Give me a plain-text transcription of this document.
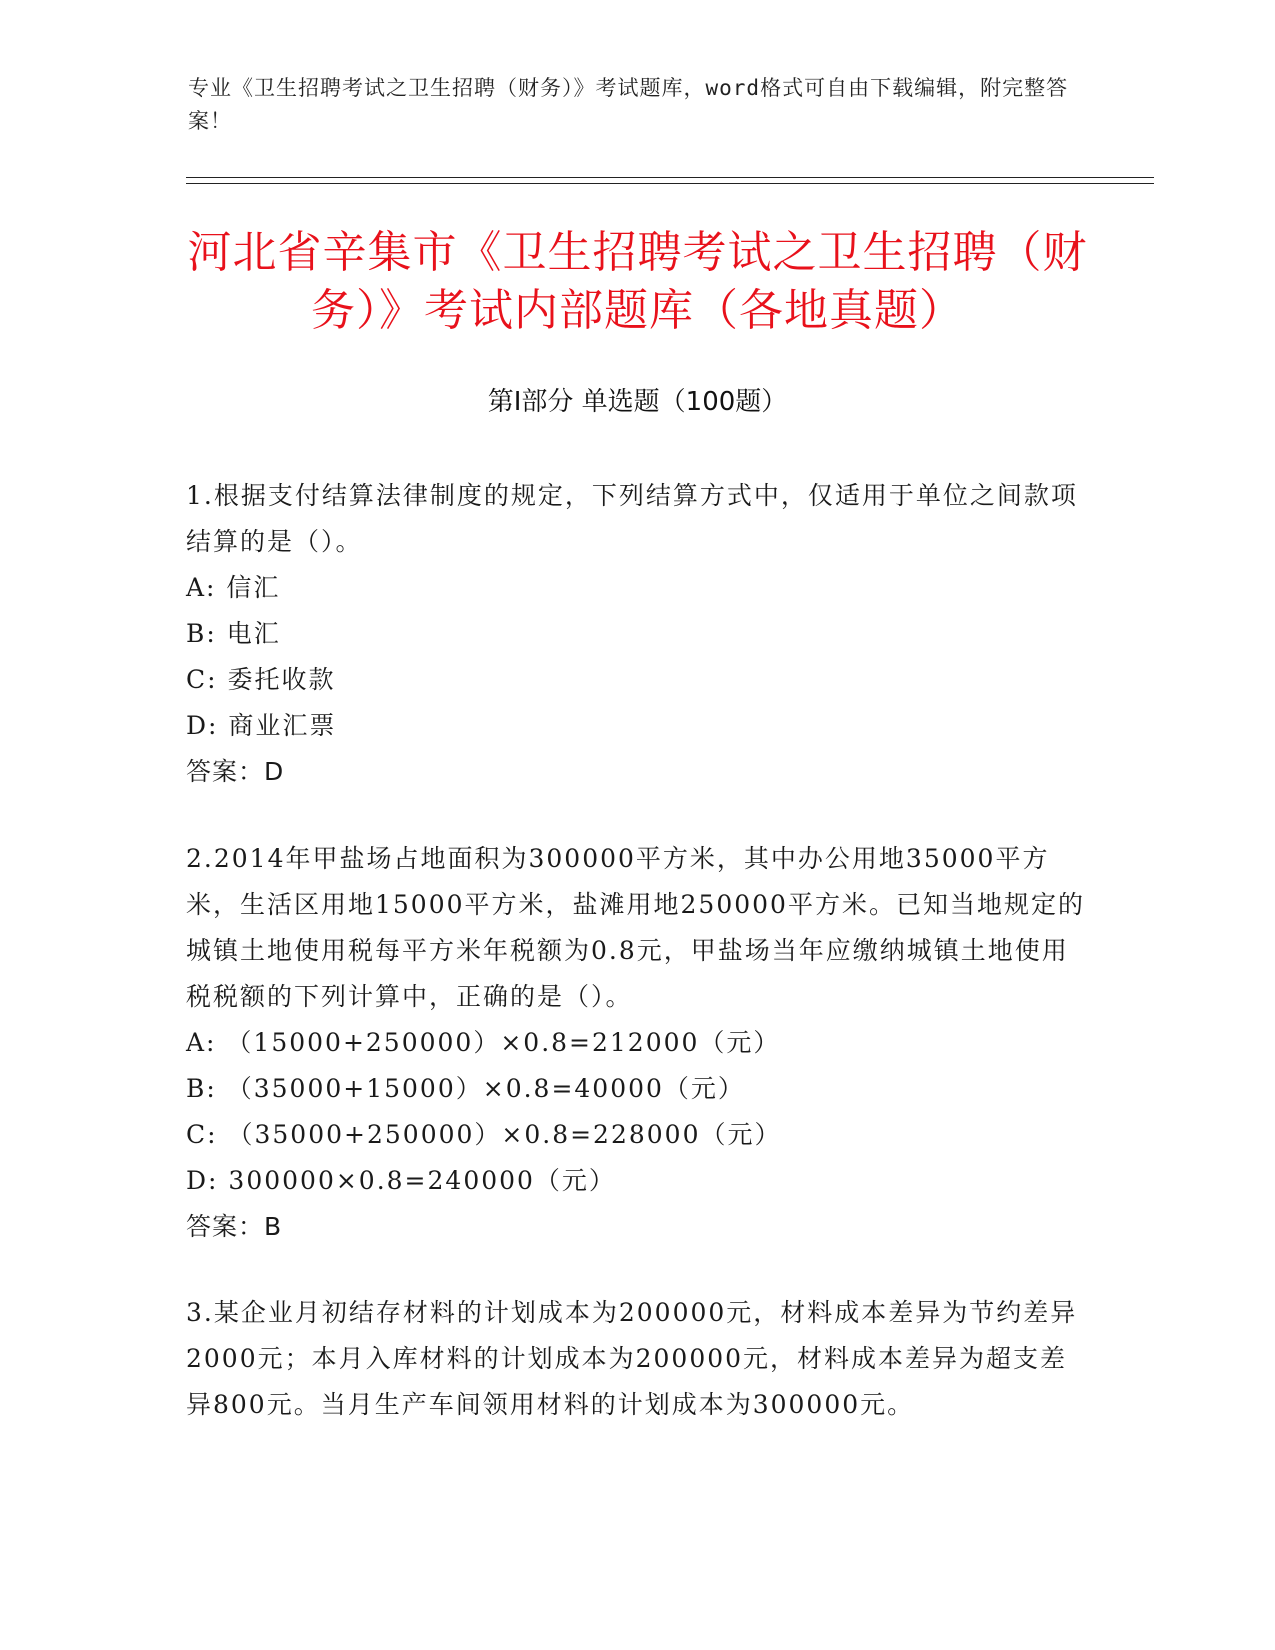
专业《卫生招聘考试之卫生招聘（财务）》考试题库，word格式可自由下载编辑，附完整答案！
河北省辛集市《卫生招聘考试之卫生招聘（财务）》考试内部题库（各地真题）
第Ⅰ部分 单选题（100题）
1.根据支付结算法律制度的规定，下列结算方式中，仅适用于单位之间款项结算的是（）。
A: 信汇
B: 电汇
C: 委托收款
D: 商业汇票
答案：D
2.2014年甲盐场占地面积为300000平方米，其中办公用地35000平方米，生活区用地15000平方米，盐滩用地250000平方米。已知当地规定的城镇土地使用税每平方米年税额为0.8元，甲盐场当年应缴纳城镇土地使用税税额的下列计算中，正确的是（）。
A: （15000+250000）×0.8=212000（元）
B: （35000+15000）×0.8=40000（元）
C: （35000+250000）×0.8=228000（元）
D: 300000×0.8=240000（元）
答案：B
3.某企业月初结存材料的计划成本为200000元，材料成本差异为节约差异2000元；本月入库材料的计划成本为200000元，材料成本差异为超支差异800元。当月生产车间领用材料的计划成本为300000元。
